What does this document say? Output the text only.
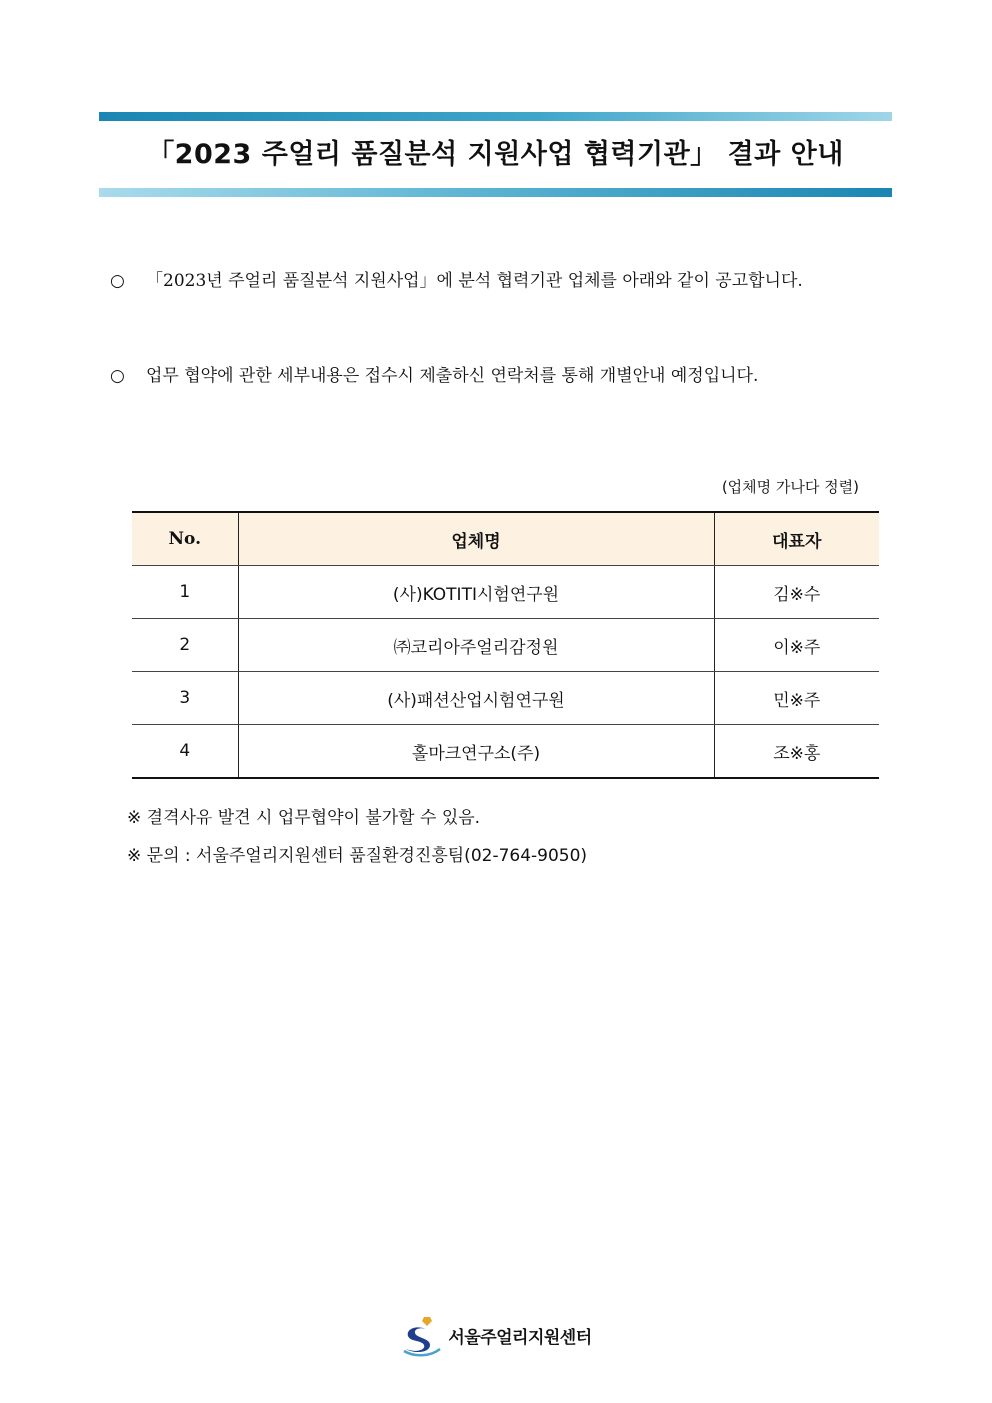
「2023 주얼리 품질분석 지원사업 협력기관」 결과 안내
○	「2023년 주얼리 품질분석 지원사업」에 분석 협력기관 업체를 아래와 같이 공고합니다.
○	업무 협약에 관한 세부내용은 접수시 제출하신 연락처를 통해 개별안내 예정입니다.
(업체명 가나다 정렬)
No.	업체명	대표자
1	(사)KOTITI시험연구원	김※수
2	㈜코리아주얼리감정원	이※주
3	(사)패션산업시험연구원	민※주
4	홀마크연구소(주)	조※홍
※ 결격사유 발견 시 업무협약이 불가할 수 있음.
※ 문의 : 서울주얼리지원센터 품질환경진흥팀(02-764-9050)
서울주얼리지원센터
